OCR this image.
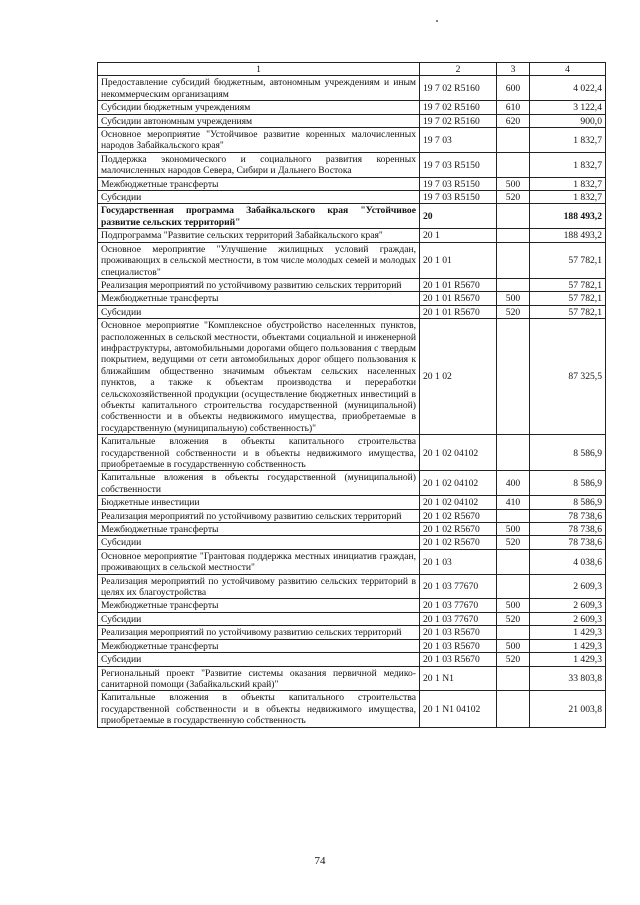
1	2	3	4
Предоставление субсидий бюджетным, автономным учреждениям и иным некоммерческим организациям	19 7 02 R5160	600	4 022,4
Субсидии бюджетным учреждениям	19 7 02 R5160	610	3 122,4
Субсидии автономным учреждениям	19 7 02 R5160	620	900,0
Основное мероприятие "Устойчивое развитие коренных малочисленных народов Забайкальского края"	19 7 03		1 832,7
Поддержка экономического и социального развития коренных малочисленных народов Севера, Сибири и Дальнего Востока	19 7 03 R5150		1 832,7
Межбюджетные трансферты	19 7 03 R5150	500	1 832,7
Субсидии	19 7 03 R5150	520	1 832,7
Государственная программа Забайкальского края "Устойчивое развитие сельских территорий"	20		188 493,2
Подпрограмма "Развитие сельских территорий Забайкальского края"	20 1		188 493,2
Основное мероприятие "Улучшение жилищных условий граждан, проживающих в сельской местности, в том числе молодых семей и молодых специалистов"	20 1 01		57 782,1
Реализация мероприятий по устойчивому развитию сельских территорий	20 1 01 R5670		57 782,1
Межбюджетные трансферты	20 1 01 R5670	500	57 782,1
Субсидии	20 1 01 R5670	520	57 782,1
Основное мероприятие "Комплексное обустройство населенных пунктов, расположенных в сельской местности, объектами социальной и инженерной инфраструктуры, автомобильными дорогами общего пользования с твердым покрытием, ведущими от сети автомобильных дорог общего пользования к ближайшим общественно значимым объектам сельских населенных пунктов, а также к объектам производства и переработки сельскохозяйственной продукции (осуществление бюджетных инвестиций в объекты капитального строительства государственной (муниципальной) собственности и в объекты недвижимого имущества, приобретаемые в государственную (муниципальную) собственность)"	20 1 02		87 325,5
Капитальные вложения в объекты капитального строительства государственной собственности и в объекты недвижимого имущества, приобретаемые в государственную собственность	20 1 02 04102		8 586,9
Капитальные вложения в объекты государственной (муниципальной) собственности	20 1 02 04102	400	8 586,9
Бюджетные инвестиции	20 1 02 04102	410	8 586,9
Реализация мероприятий по устойчивому развитию сельских территорий	20 1 02 R5670		78 738,6
Межбюджетные трансферты	20 1 02 R5670	500	78 738,6
Субсидии	20 1 02 R5670	520	78 738,6
Основное мероприятие "Грантовая поддержка местных инициатив граждан, проживающих в сельской местности"	20 1 03		4 038,6
Реализация мероприятий по устойчивому развитию сельских территорий в целях их благоустройства	20 1 03 77670		2 609,3
Межбюджетные трансферты	20 1 03 77670	500	2 609,3
Субсидии	20 1 03 77670	520	2 609,3
Реализация мероприятий по устойчивому развитию сельских территорий	20 1 03 R5670		1 429,3
Межбюджетные трансферты	20 1 03 R5670	500	1 429,3
Субсидии	20 1 03 R5670	520	1 429,3
Региональный проект "Развитие системы оказания первичной медико-санитарной помощи (Забайкальский край)"	20 1 N1		33 803,8
Капитальные вложения в объекты капитального строительства государственной собственности и в объекты недвижимого имущества, приобретаемые в государственную собственность	20 1 N1 04102		21 003,8
74
